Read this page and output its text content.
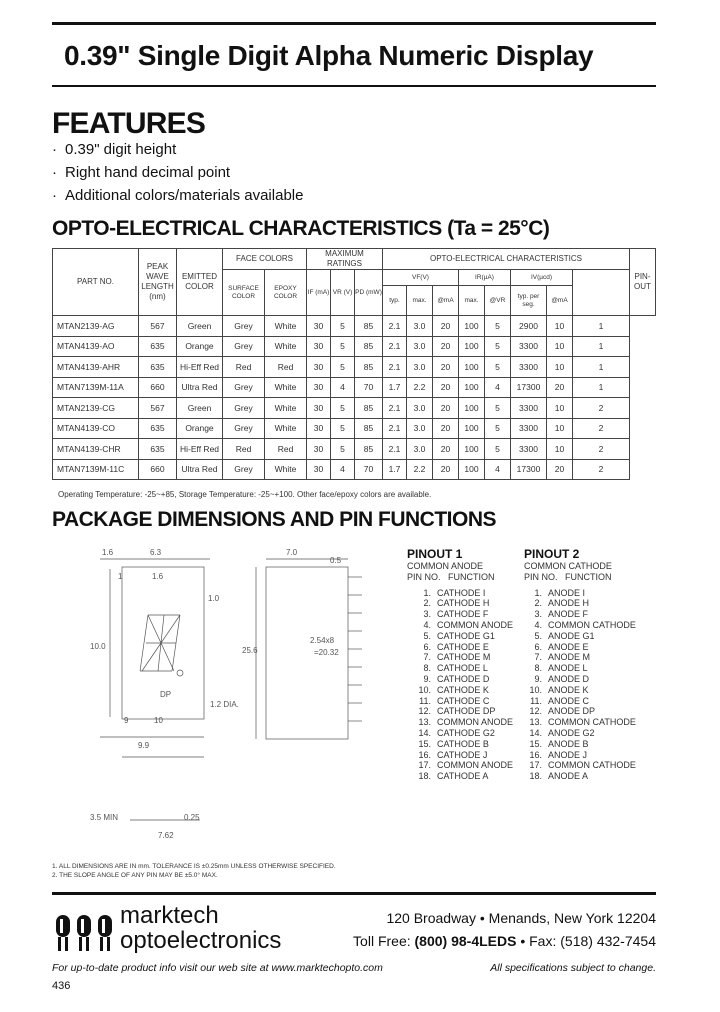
0.39" Single Digit Alpha Numeric Display
FEATURES
· 0.39" digit height
· Right hand decimal point
· Additional colors/materials available
OPTO-ELECTRICAL CHARACTERISTICS (Ta = 25°C)
PART NO.	PEAK WAVE LENGTH (nm)	EMITTED COLOR	FACE COLORS		MAXIMUM RATINGS			OPTO-ELECTRICAL CHARACTERISTICS								PIN-OUT
			SURFACE COLOR	EPOXY COLOR	IF (mA)	VR (V)	PD (mW)	VF(V)			IR(µA)		IV(µcd)			
								typ.	max.	@mA	max.	@VR	typ. per seg.	@mA		
MTAN2139-AG	567	Green	Grey	White	30	5	85	2.1	3.0	20	100	5	2900	10	1	
MTAN4139-AO	635	Orange	Grey	White	30	5	85	2.1	3.0	20	100	5	3300	10	1	
MTAN4139-AHR	635	Hi-Eff Red	Red	Red	30	5	85	2.1	3.0	20	100	5	3300	10	1	
MTAN7139M-11A	660	Ultra Red	Grey	White	30	4	70	1.7	2.2	20	100	4	17300	20	1	
MTAN2139-CG	567	Green	Grey	White	30	5	85	2.1	3.0	20	100	5	3300	10	2	
MTAN4139-CO	635	Orange	Grey	White	30	5	85	2.1	3.0	20	100	5	3300	10	2	
MTAN4139-CHR	635	Hi-Eff Red	Red	Red	30	5	85	2.1	3.0	20	100	5	3300	10	2	
MTAN7139M-11C	660	Ultra Red	Grey	White	30	4	70	1.7	2.2	20	100	4	17300	20	2	
Operating Temperature: -25~+85, Storage Temperature: -25~+100. Other face/epoxy colors are available.
PACKAGE DIMENSIONS AND PIN FUNCTIONS
1.6	6.3
1	1.6
1.0
10.0
DP
1.2 DIA.
9	10
9.9
3.5 MIN
7.62
0.25
7.0
0.5
25.6
2.54x8
=20.32
PINOUT 1
COMMON ANODE
PIN NO. FUNCTION
1. CATHODE I
2. CATHODE H
3. CATHODE F
4. COMMON ANODE
5. CATHODE G1
6. CATHODE E
7. CATHODE M
8. CATHODE L
9. CATHODE D
10. CATHODE K
11. CATHODE C
12. CATHODE DP
13. COMMON ANODE
14. CATHODE G2
15. CATHODE B
16. CATHODE J
17. COMMON ANODE
18. CATHODE A
PINOUT 2
COMMON CATHODE
PIN NO. FUNCTION
1. ANODE I
2. ANODE H
3. ANODE F
4. COMMON CATHODE
5. ANODE G1
6. ANODE E
7. ANODE M
8. ANODE L
9. ANODE D
10. ANODE K
11. ANODE C
12. ANODE DP
13. COMMON CATHODE
14. ANODE G2
15. ANODE B
16. ANODE J
17. COMMON CATHODE
18. ANODE A
1. ALL DIMENSIONS ARE IN mm. TOLERANCE IS ±0.25mm UNLESS OTHERWISE SPECIFIED.
2. THE SLOPE ANGLE OF ANY PIN MAY BE ±5.0° MAX.
marktech
optoelectronics
120 Broadway • Menands, New York 12204
Toll Free: (800) 98-4LEDS • Fax: (518) 432-7454
For up-to-date product info visit our web site at www.marktechopto.com	All specifications subject to change.
436
